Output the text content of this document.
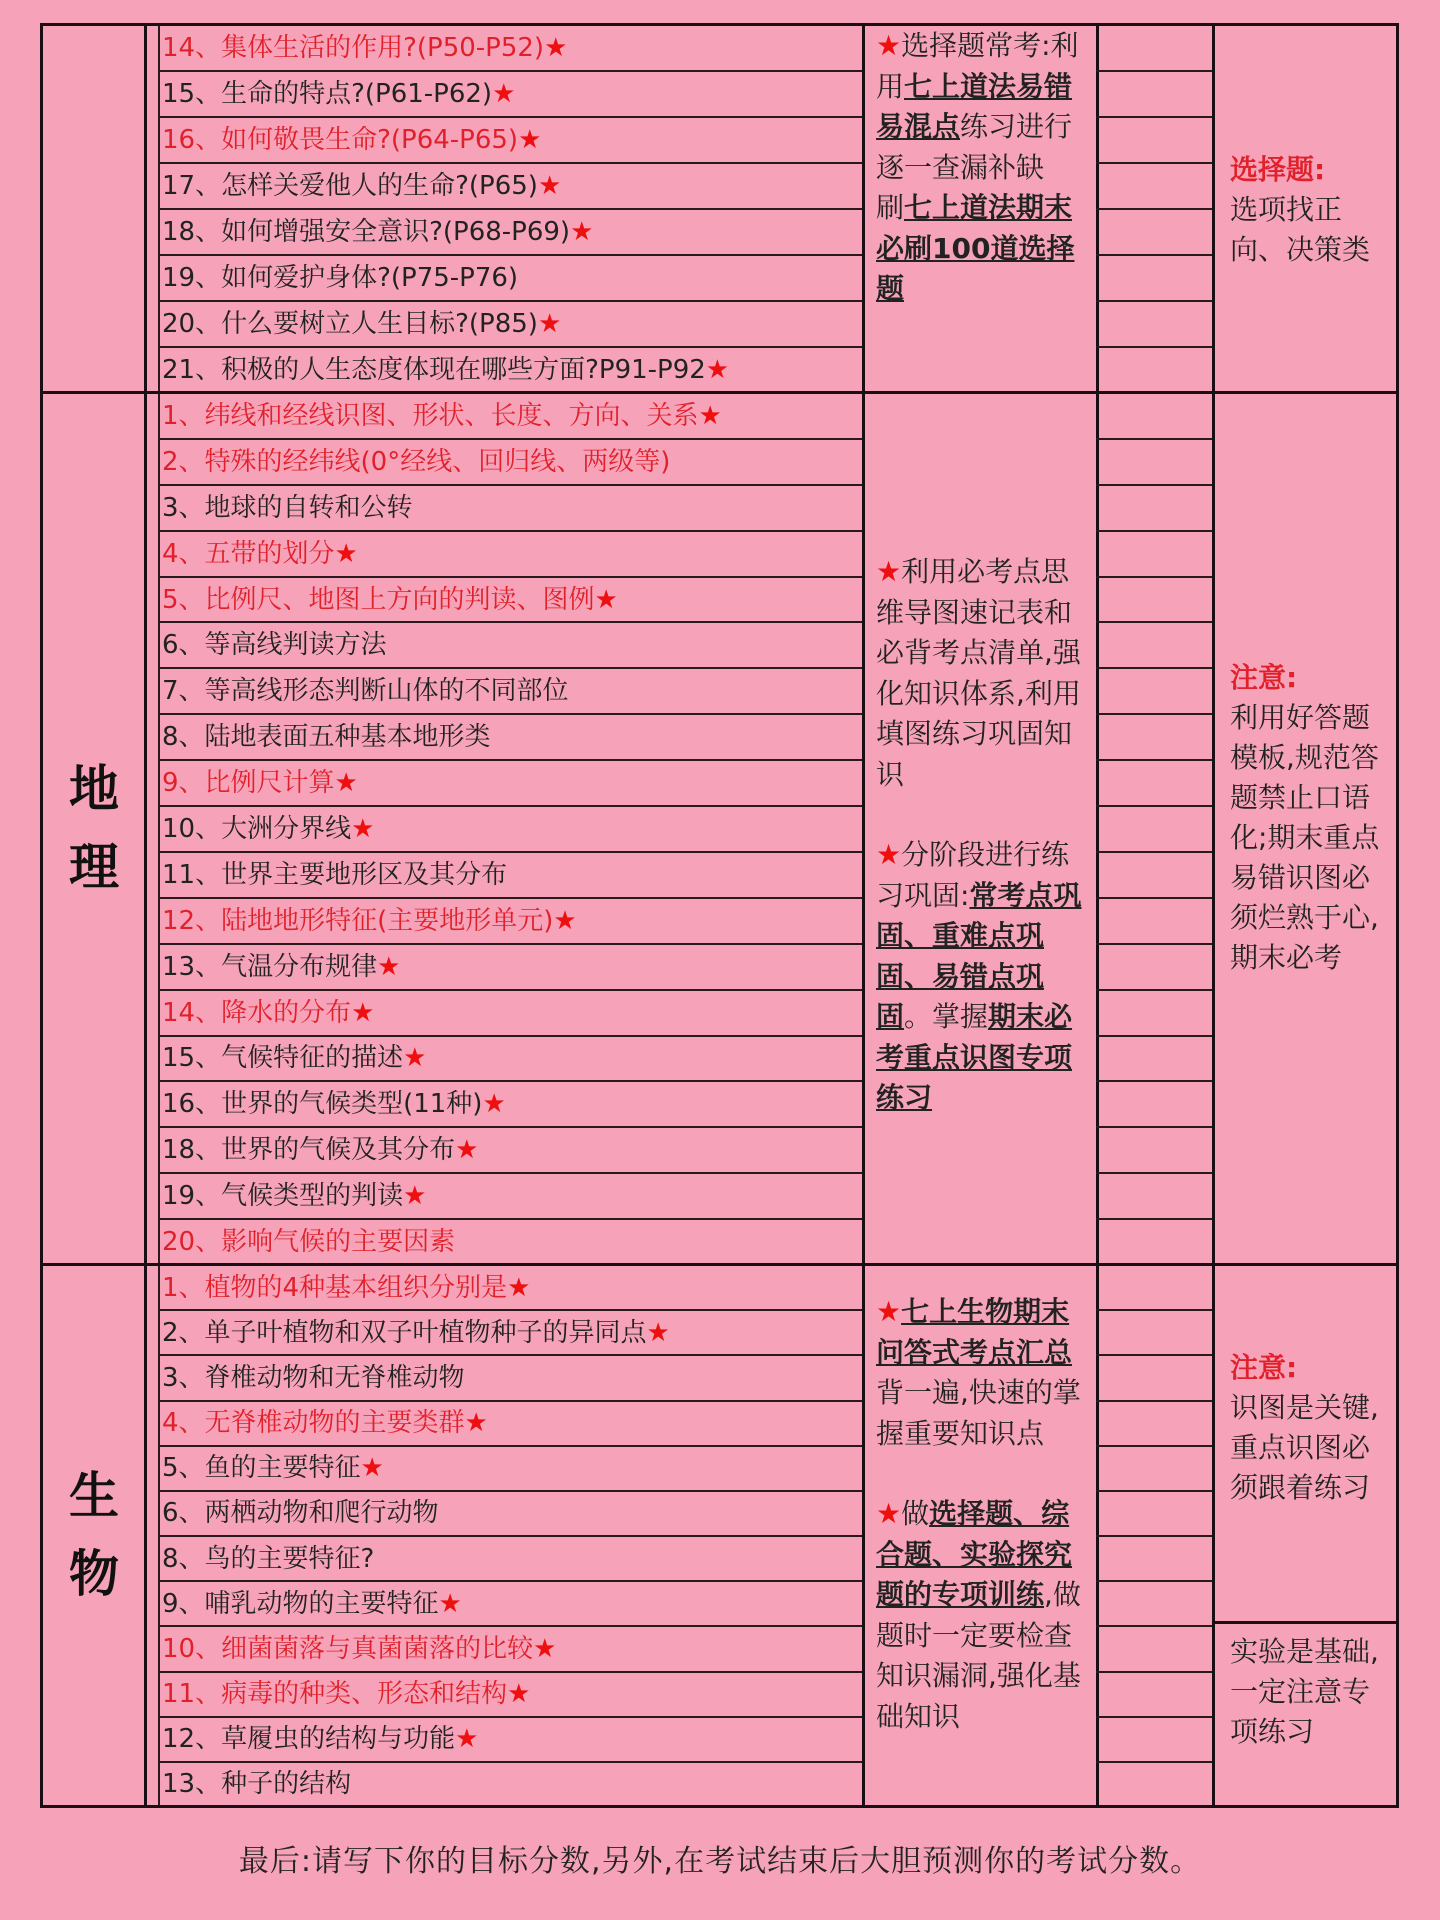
14、集体生活的作用?(P50-P52)★
15、生命的特点?(P61-P62)★
16、如何敬畏生命?(P64-P65)★
17、怎样关爱他人的生命?(P65)★
18、如何增强安全意识?(P68-P69)★
19、如何爱护身体?(P75-P76)
20、什么要树立人生目标?(P85)★
21、积极的人生态度体现在哪些方面?P91-P92★
★选择题常考:利用七上道法易错易混点练习进行逐一查漏补缺
刷七上道法期末必刷100道选择题
选择题:
选项找正向、决策类
地
理
1、纬线和经线识图、形状、长度、方向、关系★
2、特殊的经纬线(0°经线、回归线、两级等)
3、地球的自转和公转
4、五带的划分★
5、比例尺、地图上方向的判读、图例★
6、等高线判读方法
7、等高线形态判断山体的不同部位
8、陆地表面五种基本地形类
9、比例尺计算★
10、大洲分界线★
11、世界主要地形区及其分布
12、陆地地形特征(主要地形单元)★
13、气温分布规律★
14、降水的分布★
15、气候特征的描述★
16、世界的气候类型(11种)★
18、世界的气候及其分布★
19、气候类型的判读★
20、影响气候的主要因素
★利用必考点思维导图速记表和必背考点清单,强化知识体系,利用填图练习巩固知识
★分阶段进行练习巩固:常考点巩固、重难点巩固、易错点巩固。掌握期末必考重点识图专项练习
注意:
利用好答题模板,规范答题禁止口语化;期末重点易错识图必须烂熟于心,期末必考
生
物
1、植物的4种基本组织分别是★
2、单子叶植物和双子叶植物种子的异同点★
3、脊椎动物和无脊椎动物
4、无脊椎动物的主要类群★
5、鱼的主要特征★
6、两栖动物和爬行动物
8、鸟的主要特征?
9、哺乳动物的主要特征★
10、细菌菌落与真菌菌落的比较★
11、病毒的种类、形态和结构★
12、草履虫的结构与功能★
13、种子的结构
★七上生物期末问答式考点汇总背一遍,快速的掌握重要知识点
★做选择题、综合题、实验探究题的专项训练,做题时一定要检查知识漏洞,强化基础知识
注意:
识图是关键,重点识图必须跟着练习
实验是基础,一定注意专项练习
最后:请写下你的目标分数,另外,在考试结束后大胆预测你的考试分数。
